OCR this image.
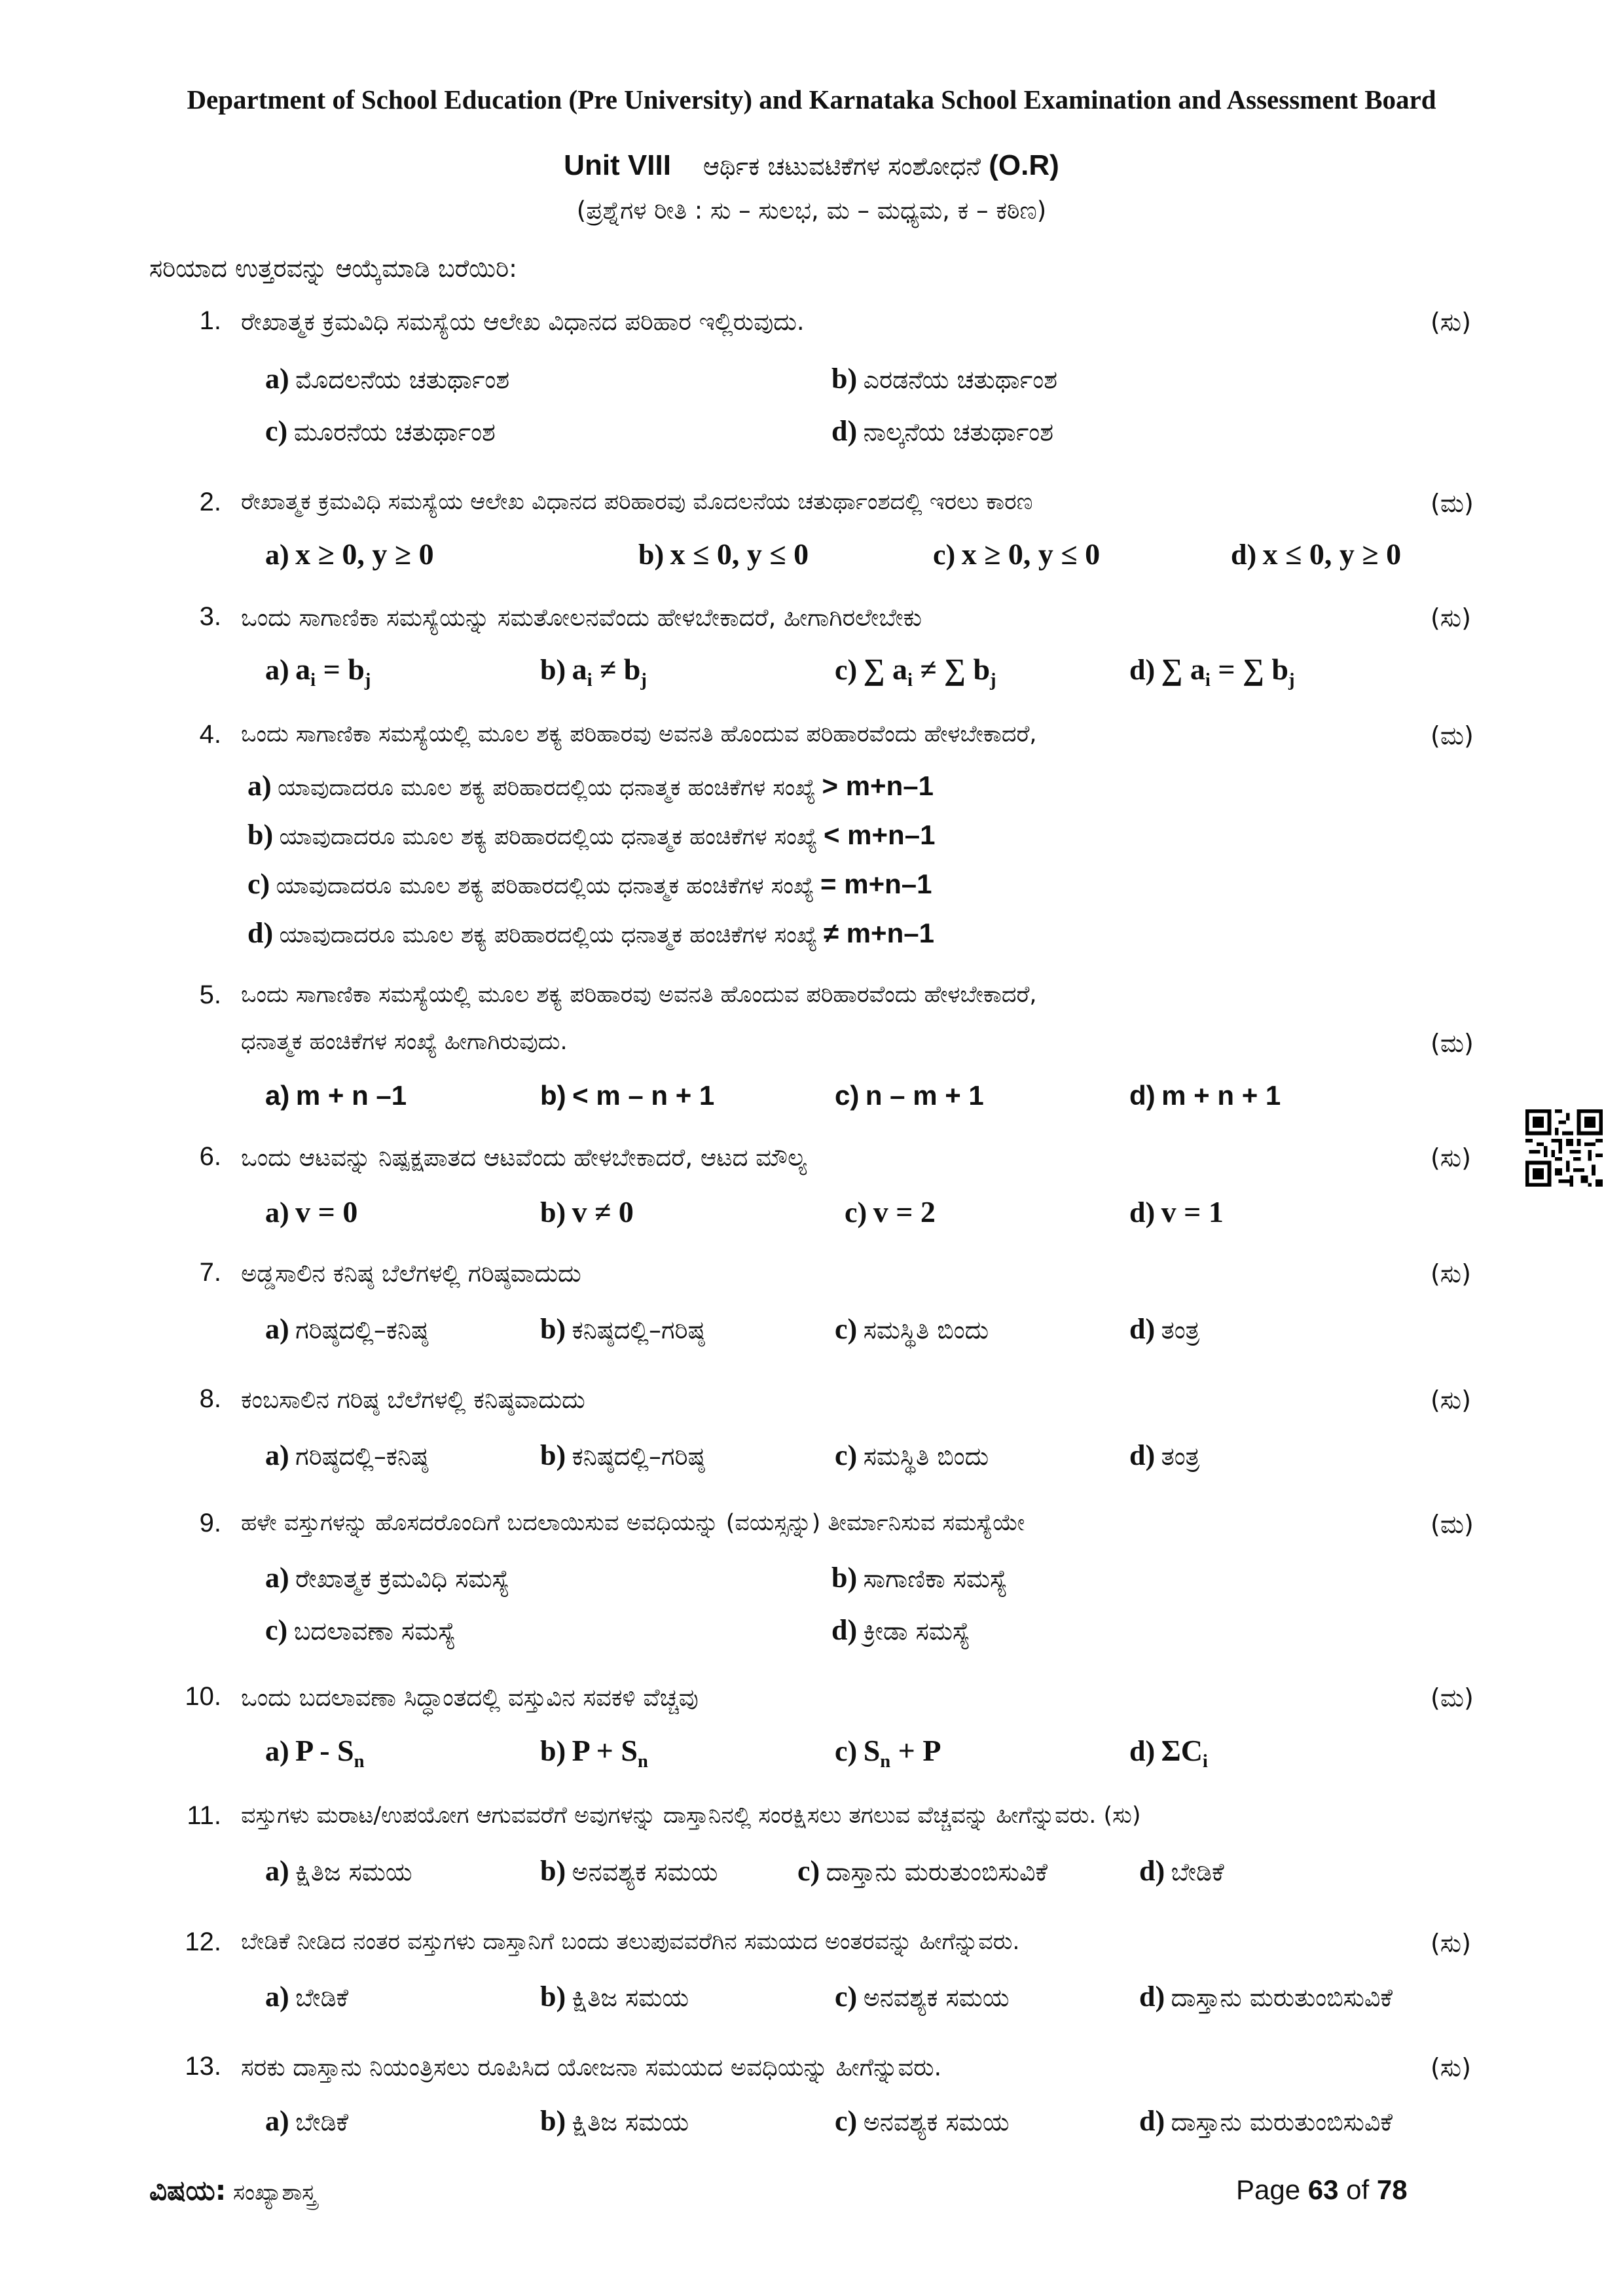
Department of School Education (Pre University) and Karnataka School Examination and Assessment Board
Unit VIII ಆರ್ಥಿಕ ಚಟುವಟಿಕೆಗಳ ಸಂಶೋಧನೆ (O.R)
(ಪ್ರಶ್ನೆಗಳ ರೀತಿ : ಸು – ಸುಲಭ, ಮ – ಮಧ್ಯಮ, ಕ – ಕಠಿಣ)
ಸರಿಯಾದ ಉತ್ತರವನ್ನು ಆಯ್ಕೆಮಾಡಿ ಬರೆಯಿರಿ:
1. ರೇಖಾತ್ಮಕ ಕ್ರಮವಿಧಿ ಸಮಸ್ಯೆಯ ಆಲೇಖ ವಿಧಾನದ ಪರಿಹಾರ ಇಲ್ಲಿರುವುದು.	(ಸು)
a) ಮೊದಲನೆಯ ಚತುರ್ಥಾಂಶ	b) ಎರಡನೆಯ ಚತುರ್ಥಾಂಶ
c) ಮೂರನೆಯ ಚತುರ್ಥಾಂಶ	d) ನಾಲ್ಕನೆಯ ಚತುರ್ಥಾಂಶ
2. ರೇಖಾತ್ಮಕ ಕ್ರಮವಿಧಿ ಸಮಸ್ಯೆಯ ಆಲೇಖ ವಿಧಾನದ ಪರಿಹಾರವು ಮೊದಲನೆಯ ಚತುರ್ಥಾಂಶದಲ್ಲಿ ಇರಲು ಕಾರಣ	(ಮ)
a) x ≥ 0, y ≥ 0	b) x ≤ 0, y ≤ 0	c) x ≥ 0, y ≤ 0	d) x ≤ 0, y ≥ 0
3. ಒಂದು ಸಾಗಾಣಿಕಾ ಸಮಸ್ಯೆಯನ್ನು ಸಮತೋಲನವೆಂದು ಹೇಳಬೇಕಾದರೆ, ಹೀಗಾಗಿರಲೇಬೇಕು	(ಸು)
a) $a_i = b_j$	b) $a_i \ne b_j$	c) ∑ $a_i$ ≠ ∑ $b_j$	d) ∑ $a_i$ = ∑ $b_j$
4. ಒಂದು ಸಾಗಾಣಿಕಾ ಸಮಸ್ಯೆಯಲ್ಲಿ ಮೂಲ ಶಕ್ಯ ಪರಿಹಾರವು ಅವನತಿ ಹೊಂದುವ ಪರಿಹಾರವೆಂದು ಹೇಳಬೇಕಾದರೆ,	(ಮ)
a) ಯಾವುದಾದರೂ ಮೂಲ ಶಕ್ಯ ಪರಿಹಾರದಲ್ಲಿಯ ಧನಾತ್ಮಕ ಹಂಚಿಕೆಗಳ ಸಂಖ್ಯೆ > m+n–1
b) ಯಾವುದಾದರೂ ಮೂಲ ಶಕ್ಯ ಪರಿಹಾರದಲ್ಲಿಯ ಧನಾತ್ಮಕ ಹಂಚಿಕೆಗಳ ಸಂಖ್ಯೆ < m+n–1
c) ಯಾವುದಾದರೂ ಮೂಲ ಶಕ್ಯ ಪರಿಹಾರದಲ್ಲಿಯ ಧನಾತ್ಮಕ ಹಂಚಿಕೆಗಳ ಸಂಖ್ಯೆ = m+n–1
d) ಯಾವುದಾದರೂ ಮೂಲ ಶಕ್ಯ ಪರಿಹಾರದಲ್ಲಿಯ ಧನಾತ್ಮಕ ಹಂಚಿಕೆಗಳ ಸಂಖ್ಯೆ ≠ m+n–1
5. ಒಂದು ಸಾಗಾಣಿಕಾ ಸಮಸ್ಯೆಯಲ್ಲಿ ಮೂಲ ಶಕ್ಯ ಪರಿಹಾರವು ಅವನತಿ ಹೊಂದುವ ಪರಿಹಾರವೆಂದು ಹೇಳಬೇಕಾದರೆ,
ಧನಾತ್ಮಕ ಹಂಚಿಕೆಗಳ ಸಂಖ್ಯೆ ಹೀಗಾಗಿರುವುದು.	(ಮ)
a) m + n –1	b) < m – n + 1	c) n – m + 1	d) m + n + 1
6. ಒಂದು ಆಟವನ್ನು ನಿಷ್ಪಕ್ಷಪಾತದ ಆಟವೆಂದು ಹೇಳಬೇಕಾದರೆ, ಆಟದ ಮೌಲ್ಯ	(ಸು)
a) v = 0	b) v ≠ 0	c) v = 2	d) v = 1
7. ಅಡ್ಡಸಾಲಿನ ಕನಿಷ್ಠ ಬೆಲೆಗಳಲ್ಲಿ ಗರಿಷ್ಠವಾದುದು	(ಸು)
a) ಗರಿಷ್ಠದಲ್ಲಿ–ಕನಿಷ್ಠ	b) ಕನಿಷ್ಠದಲ್ಲಿ–ಗರಿಷ್ಠ	c) ಸಮಸ್ಥಿತಿ ಬಿಂದು	d) ತಂತ್ರ
8. ಕಂಬಸಾಲಿನ ಗರಿಷ್ಠ ಬೆಲೆಗಳಲ್ಲಿ ಕನಿಷ್ಠವಾದುದು	(ಸು)
a) ಗರಿಷ್ಠದಲ್ಲಿ–ಕನಿಷ್ಠ	b) ಕನಿಷ್ಠದಲ್ಲಿ–ಗರಿಷ್ಠ	c) ಸಮಸ್ಥಿತಿ ಬಿಂದು	d) ತಂತ್ರ
9. ಹಳೇ ವಸ್ತುಗಳನ್ನು ಹೊಸದರೊಂದಿಗೆ ಬದಲಾಯಿಸುವ ಅವಧಿಯನ್ನು (ವಯಸ್ಸನ್ನು) ತೀರ್ಮಾನಿಸುವ ಸಮಸ್ಯೆಯೇ	(ಮ)
a) ರೇಖಾತ್ಮಕ ಕ್ರಮವಿಧಿ ಸಮಸ್ಯೆ	b) ಸಾಗಾಣಿಕಾ ಸಮಸ್ಯೆ
c) ಬದಲಾವಣಾ ಸಮಸ್ಯೆ	d) ಕ್ರೀಡಾ ಸಮಸ್ಯೆ
10. ಒಂದು ಬದಲಾವಣಾ ಸಿದ್ಧಾಂತದಲ್ಲಿ ವಸ್ತುವಿನ ಸವಕಳಿ ವೆಚ್ಚವು	(ಮ)
a) P - $S_n$	b) $P + S_n$	c) $S_n + P$	d) $\Sigma C_i$
11. ವಸ್ತುಗಳು ಮರಾಟ/ಉಪಯೋಗ ಆಗುವವರೆಗೆ ಅವುಗಳನ್ನು ದಾಸ್ತಾನಿನಲ್ಲಿ ಸಂರಕ್ಷಿಸಲು ತಗಲುವ ವೆಚ್ಚವನ್ನು ಹೀಗೆನ್ನುವರು. (ಸು)
a) ಕ್ಷಿತಿಜ ಸಮಯ	b) ಅನವಶ್ಯಕ ಸಮಯ	c) ದಾಸ್ತಾನು ಮರುತುಂಬಿಸುವಿಕೆ	d) ಬೇಡಿಕೆ
12. ಬೇಡಿಕೆ ನೀಡಿದ ನಂತರ ವಸ್ತುಗಳು ದಾಸ್ತಾನಿಗೆ ಬಂದು ತಲುಪುವವರೆಗಿನ ಸಮಯದ ಅಂತರವನ್ನು ಹೀಗೆನ್ನುವರು.	(ಸು)
a) ಬೇಡಿಕೆ	b) ಕ್ಷಿತಿಜ ಸಮಯ	c) ಅನವಶ್ಯಕ ಸಮಯ	d) ದಾಸ್ತಾನು ಮರುತುಂಬಿಸುವಿಕೆ
13. ಸರಕು ದಾಸ್ತಾನು ನಿಯಂತ್ರಿಸಲು ರೂಪಿಸಿದ ಯೋಜನಾ ಸಮಯದ ಅವಧಿಯನ್ನು ಹೀಗೆನ್ನುವರು.	(ಸು)
a) ಬೇಡಿಕೆ	b) ಕ್ಷಿತಿಜ ಸಮಯ	c) ಅನವಶ್ಯಕ ಸಮಯ	d) ದಾಸ್ತಾನು ಮರುತುಂಬಿಸುವಿಕೆ
ವಿಷಯ: ಸಂಖ್ಯಾಶಾಸ್ತ್ರ	Page 63 of 78
